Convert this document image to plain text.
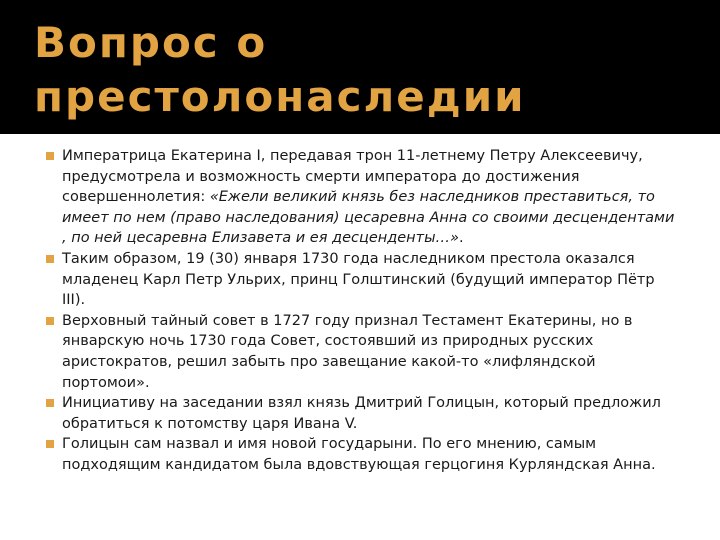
Вопрос о
престолонаследии

Императрица Екатерина I, передавая трон 11-летнему Петру Алексеевичу, предусмотрела и возможность смерти императора до достижения совершеннолетия: «Ежели великий князь без наследников преставиться, то имеет по нем (право наследования) цесаревна Анна со своими десцендентами , по ней цесаревна Елизавета и ея десценденты…».

Таким образом, 19 (30) января 1730 года наследником престола оказался младенец Карл Петр Ульрих, принц Голштинский (будущий император Пётр III).

Верховный тайный совет в 1727 году признал Тестамент Екатерины, но в январскую ночь 1730 года Совет, состоявший из природных русских аристократов, решил забыть про завещание какой-то «лифляндской портомои».

Инициативу на заседании взял князь Дмитрий Голицын, который предложил обратиться к потомству царя Ивана V.

Голицын сам назвал и имя новой государыни. По его мнению, самым подходящим кандидатом была вдовствующая герцогиня Курляндская Анна.
